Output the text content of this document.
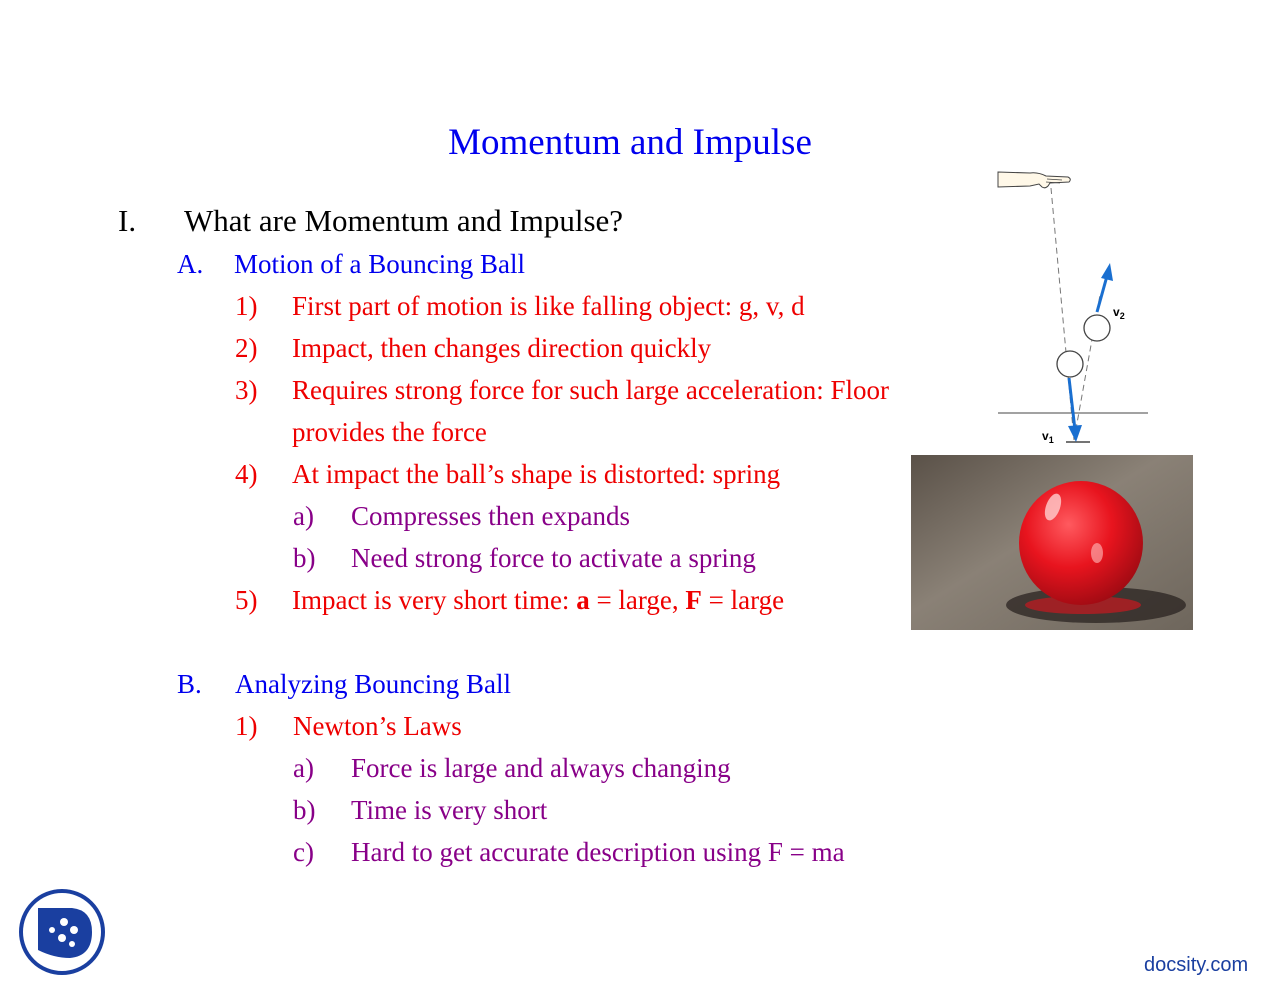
Momentum and Impulse
I. What are Momentum and Impulse?
A. Motion of a Bouncing Ball
1) First part of motion is like falling object: g, v, d
2) Impact, then changes direction quickly
3) Requires strong force for such large acceleration: Floor
provides the force
4) At impact the ball’s shape is distorted: spring
a) Compresses then expands
b) Need strong force to activate a spring
5) Impact is very short time: a = large, F = large
B. Analyzing Bouncing Ball
1) Newton’s Laws
a) Force is large and always changing
b) Time is very short
c) Hard to get accurate description using F = ma
$v_2$
$v_1$
docsity.com
